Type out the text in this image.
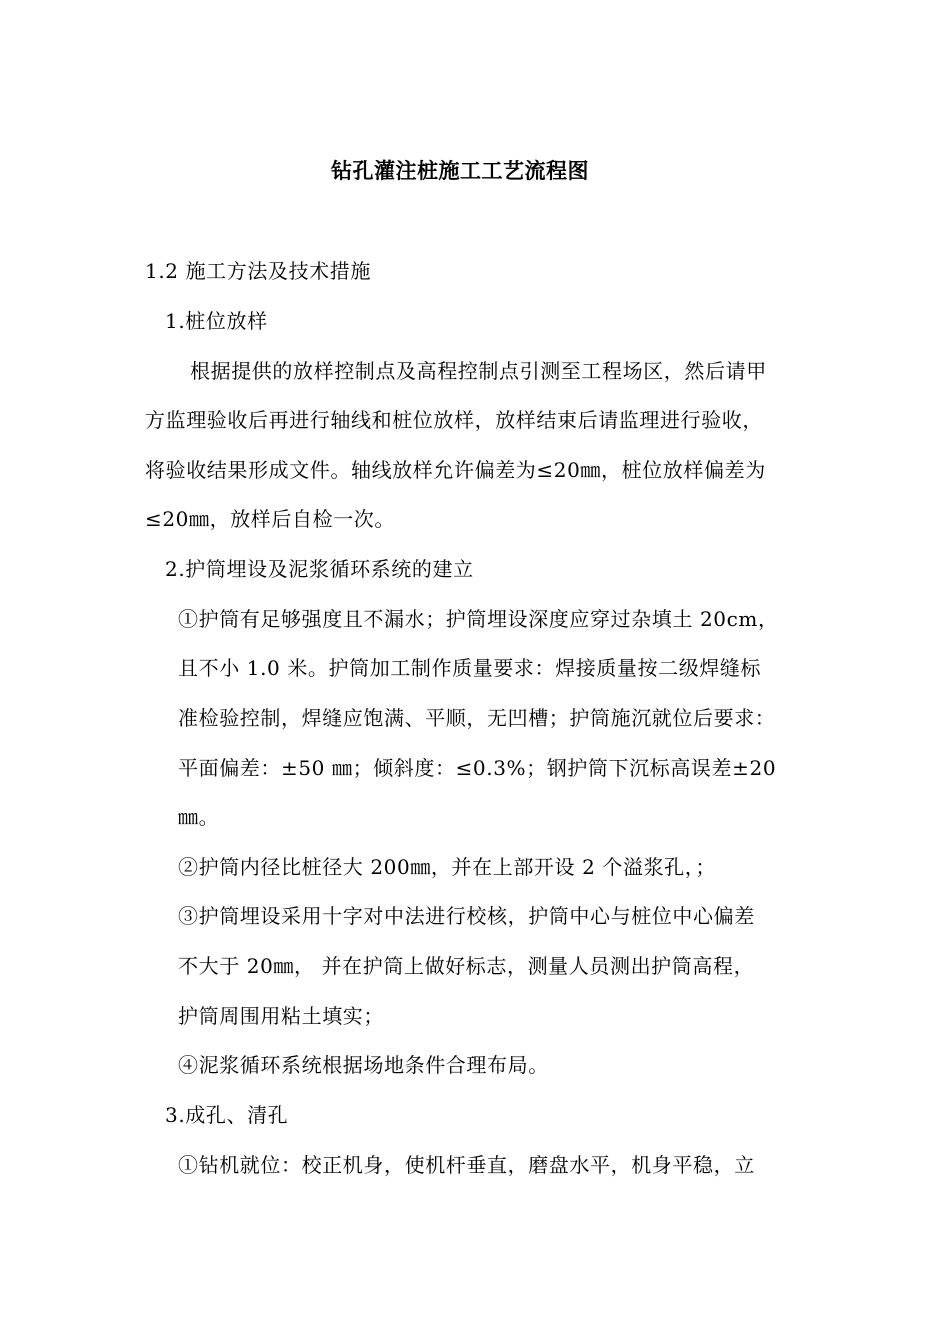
钻孔灌注桩施工工艺流程图
1.2 施工方法及技术措施
1.桩位放样
根据提供的放样控制点及高程控制点引测至工程场区，然后请甲
方监理验收后再进行轴线和桩位放样，放样结束后请监理进行验收，
将验收结果形成文件。轴线放样允许偏差为≤20㎜，桩位放样偏差为
≤20㎜，放样后自检一次。
2.护筒埋设及泥浆循环系统的建立
①护筒有足够强度且不漏水；护筒埋设深度应穿过杂填土 20cm，
且不小 1.0 米。护筒加工制作质量要求：焊接质量按二级焊缝标
准检验控制，焊缝应饱满、平顺，无凹槽；护筒施沉就位后要求：
平面偏差：±50 ㎜；倾斜度：≤0.3%；钢护筒下沉标高误差±20
㎜。
②护筒内径比桩径大 200㎜，并在上部开设 2 个溢浆孔，；
③护筒埋设采用十字对中法进行校核，护筒中心与桩位中心偏差
不大于 20㎜， 并在护筒上做好标志，测量人员测出护筒高程，
护筒周围用粘土填实；
④泥浆循环系统根据场地条件合理布局。
3.成孔、清孔
①钻机就位：校正机身，使机杆垂直，磨盘水平，机身平稳，立
